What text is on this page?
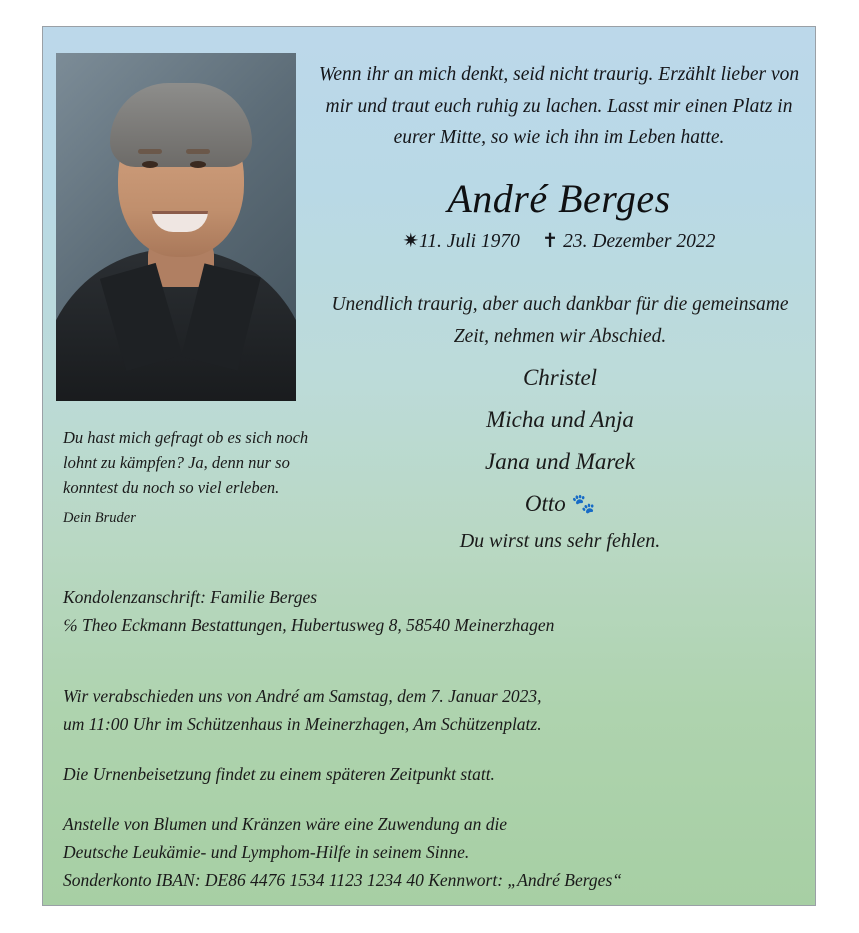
Wenn ihr an mich denkt, seid nicht traurig. Erzählt lieber von mir und traut euch ruhig zu lachen. Lasst mir einen Platz in eurer Mitte, so wie ich ihn im Leben hatte.
André Berges
✷11. Juli 1970 ✝ 23. Dezember 2022
Unendlich traurig, aber auch dankbar für die gemeinsame Zeit, nehmen wir Abschied.
Christel
Micha und Anja
Jana und Marek
Otto 🐾
Du wirst uns sehr fehlen.
Du hast mich gefragt ob es sich noch lohnt zu kämpfen? Ja, denn nur so konntest du noch so viel erleben.
Dein Bruder
Kondolenzanschrift: Familie Berges
℅ Theo Eckmann Bestattungen, Hubertusweg 8, 58540 Meinerzhagen

Wir verabschieden uns von André am Samstag, dem 7. Januar 2023,
um 11:00 Uhr im Schützenhaus in Meinerzhagen, Am Schützenplatz.

Die Urnenbeisetzung findet zu einem späteren Zeitpunkt statt.

Anstelle von Blumen und Kränzen wäre eine Zuwendung an die
Deutsche Leukämie- und Lymphom-Hilfe in seinem Sinne.
Sonderkonto IBAN: DE86 4476 1534 1123 1234 40 Kennwort: „André Berges“
